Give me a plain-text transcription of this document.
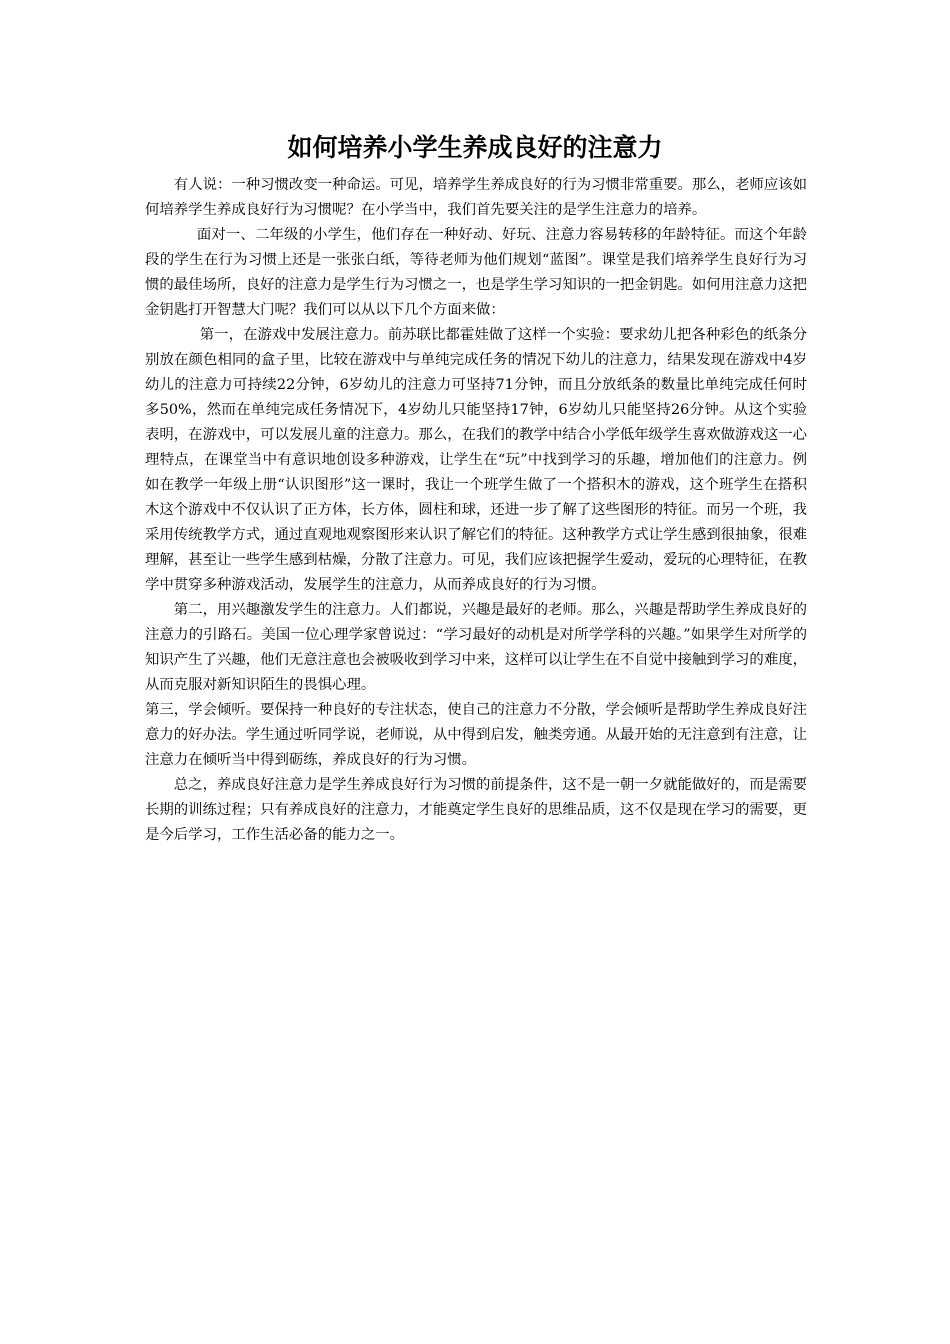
如何培养小学生养成良好的注意力

有人说：一种习惯改变一种命运。可见，培养学生养成良好的行为习惯非常重要。那么，老师应该如何培养学生养成良好行为习惯呢？在小学当中，我们首先要关注的是学生注意力的培养。

面对一、二年级的小学生，他们存在一种好动、好玩、注意力容易转移的年龄特征。而这个年龄段的学生在行为习惯上还是一张张白纸，等待老师为他们规划“蓝图”。课堂是我们培养学生良好行为习惯的最佳场所，良好的注意力是学生行为习惯之一，也是学生学习知识的一把金钥匙。如何用注意力这把金钥匙打开智慧大门呢？我们可以从以下几个方面来做：

第一，在游戏中发展注意力。前苏联比都霍娃做了这样一个实验：要求幼儿把各种彩色的纸条分别放在颜色相同的盒子里，比较在游戏中与单纯完成任务的情况下幼儿的注意力，结果发现在游戏中4岁幼儿的注意力可持续22分钟，6岁幼儿的注意力可坚持71分钟，而且分放纸条的数量比单纯完成任何时多50%，然而在单纯完成任务情况下，4岁幼儿只能坚持17钟，6岁幼儿只能坚持26分钟。从这个实验表明，在游戏中，可以发展儿童的注意力。那么，在我们的教学中结合小学低年级学生喜欢做游戏这一心理特点，在课堂当中有意识地创设多种游戏，让学生在“玩”中找到学习的乐趣，增加他们的注意力。例如在教学一年级上册“认识图形”这一课时，我让一个班学生做了一个搭积木的游戏，这个班学生在搭积木这个游戏中不仅认识了正方体，长方体，圆柱和球，还进一步了解了这些图形的特征。而另一个班，我采用传统教学方式，通过直观地观察图形来认识了解它们的特征。这种教学方式让学生感到很抽象，很难理解，甚至让一些学生感到枯燥，分散了注意力。可见，我们应该把握学生爱动，爱玩的心理特征，在教学中贯穿多种游戏活动，发展学生的注意力，从而养成良好的行为习惯。

第二，用兴趣激发学生的注意力。人们都说，兴趣是最好的老师。那么，兴趣是帮助学生养成良好的注意力的引路石。美国一位心理学家曾说过：“学习最好的动机是对所学学科的兴趣。”如果学生对所学的知识产生了兴趣，他们无意注意也会被吸收到学习中来，这样可以让学生在不自觉中接触到学习的难度，从而克服对新知识陌生的畏惧心理。

第三，学会倾听。要保持一种良好的专注状态，使自己的注意力不分散，学会倾听是帮助学生养成良好注意力的好办法。学生通过听同学说，老师说，从中得到启发，触类旁通。从最开始的无注意到有注意，让注意力在倾听当中得到砺练，养成良好的行为习惯。

总之，养成良好注意力是学生养成良好行为习惯的前提条件，这不是一朝一夕就能做好的，而是需要长期的训练过程；只有养成良好的注意力，才能奠定学生良好的思维品质，这不仅是现在学习的需要，更是今后学习，工作生活必备的能力之一。
